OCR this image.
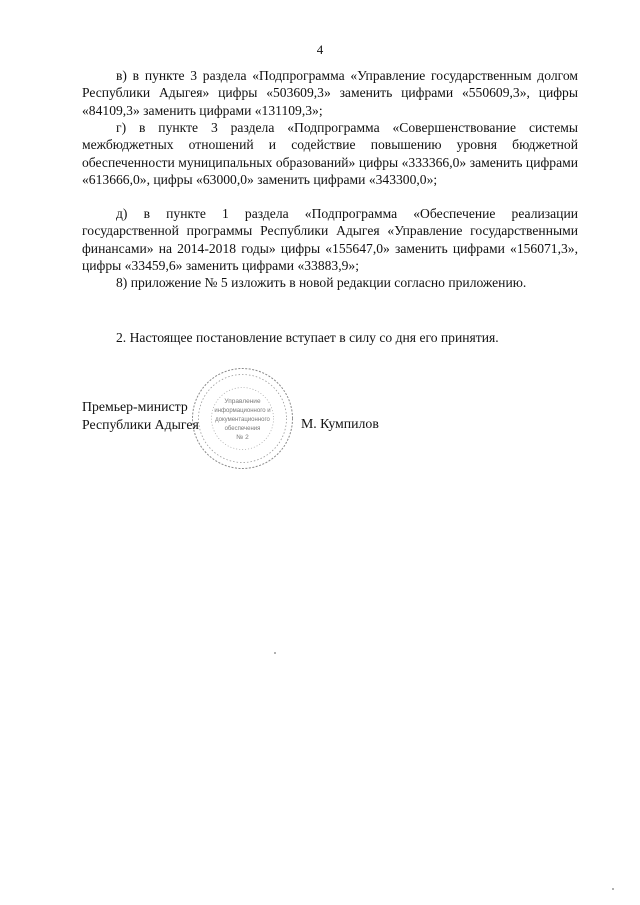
4
в) в пункте 3 раздела «Подпрограмма «Управление государственным долгом Республики Адыгея» цифры «503609,3» заменить цифрами «550609,3», цифры «84109,3» заменить цифрами «131109,3»;
г) в пункте 3 раздела «Подпрограмма «Совершенствование системы межбюджетных отношений и содействие повышению уровня бюджетной обеспеченности муниципальных образований» цифры «333366,0» заменить цифрами «613666,0», цифры «63000,0» заменить цифрами «343300,0»;
д) в пункте 1 раздела «Подпрограмма «Обеспечение реализации государственной программы Республики Адыгея «Управление государственными финансами» на 2014-2018 годы» цифры «155647,0» заменить цифрами «156071,3», цифры «33459,6» заменить цифрами «33883,9»;
8) приложение № 5 изложить в новой редакции согласно приложению.
2. Настоящее постановление вступает в силу со дня его принятия.
Управление
информационного и
документационного
обеспечения
№ 2
Премьер-министр
Республики Адыгея	М. Кумпилов
